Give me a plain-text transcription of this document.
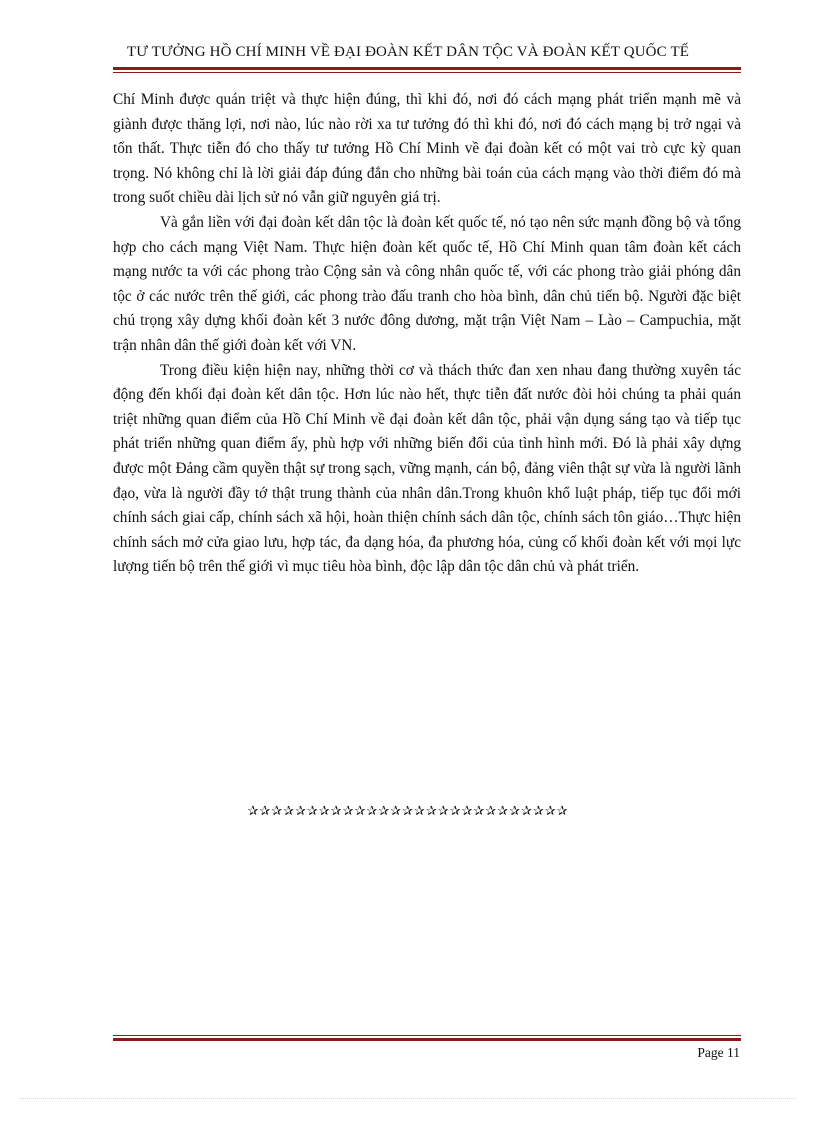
TƯ TƯỞNG HỒ CHÍ MINH VỀ ĐẠI ĐOÀN KẾT DÂN TỘC VÀ ĐOÀN KẾT QUỐC TẾ

Chí Minh được quán triệt và thực hiện đúng, thì khi đó, nơi đó cách mạng phát triển mạnh mẽ và giành được thăng lợi, nơi nào, lúc nào rời xa tư tưởng đó thì khi đó, nơi đó cách mạng bị trở ngại và tổn thất. Thực tiễn đó cho thấy tư tưởng Hồ Chí Minh về đại đoàn kết có một vai trò cực kỳ quan trọng. Nó không chỉ là lời giải đáp đúng đắn cho những bài toán của cách mạng vào thời điểm đó mà trong suốt chiều dài lịch sử nó vẫn giữ nguyên giá trị.

Và gắn liền với đại đoàn kết dân tộc là đoàn kết quốc tế, nó tạo nên sức mạnh đồng bộ và tổng hợp cho cách mạng Việt Nam. Thực hiện đoàn kết quốc tế, Hồ Chí Minh quan tâm đoàn kết cách mạng nước ta với các phong trào Cộng sản và công nhân quốc tế, với các phong trào giải phóng dân tộc ở các nước trên thế giới, các phong trào đấu tranh cho hòa bình, dân chủ tiến bộ. Người đặc biệt chú trọng xây dựng khối đoàn kết 3 nước đông dương, mặt trận Việt Nam – Lào – Campuchia, mặt trận nhân dân thế giới đoàn kết với VN.

Trong điều kiện hiện nay, những thời cơ và thách thức đan xen nhau đang thường xuyên tác động đến khối đại đoàn kết dân tộc. Hơn lúc nào hết, thực tiễn đất nước đòi hỏi chúng ta phải quán triệt những quan điểm của Hồ Chí Minh về đại đoàn kết dân tộc, phải vận dụng sáng tạo và tiếp tục phát triển những quan điểm ấy, phù hợp với những biến đổi của tình hình mới. Đó là phải xây dựng được một Đảng cầm quyền thật sự trong sạch, vững mạnh, cán bộ, đảng viên thật sự vừa là người lãnh đạo, vừa là người đầy tớ thật trung thành của nhân dân.Trong khuôn khổ luật pháp, tiếp tục đổi mới chính sách giai cấp, chính sách xã hội, hoàn thiện chính sách dân tộc, chính sách tôn giáo…Thực hiện chính sách mở cửa giao lưu, hợp tác, đa dạng hóa, đa phương hóa, củng cố khối đoàn kết với mọi lực lượng tiến bộ trên thế giới vì mục tiêu hòa bình, độc lập dân tộc dân chủ và phát triển.

✰✰✰✰✰✰✰✰✰✰✰✰✰✰✰✰✰✰✰✰✰✰✰✰✰✰✰
Page 11
